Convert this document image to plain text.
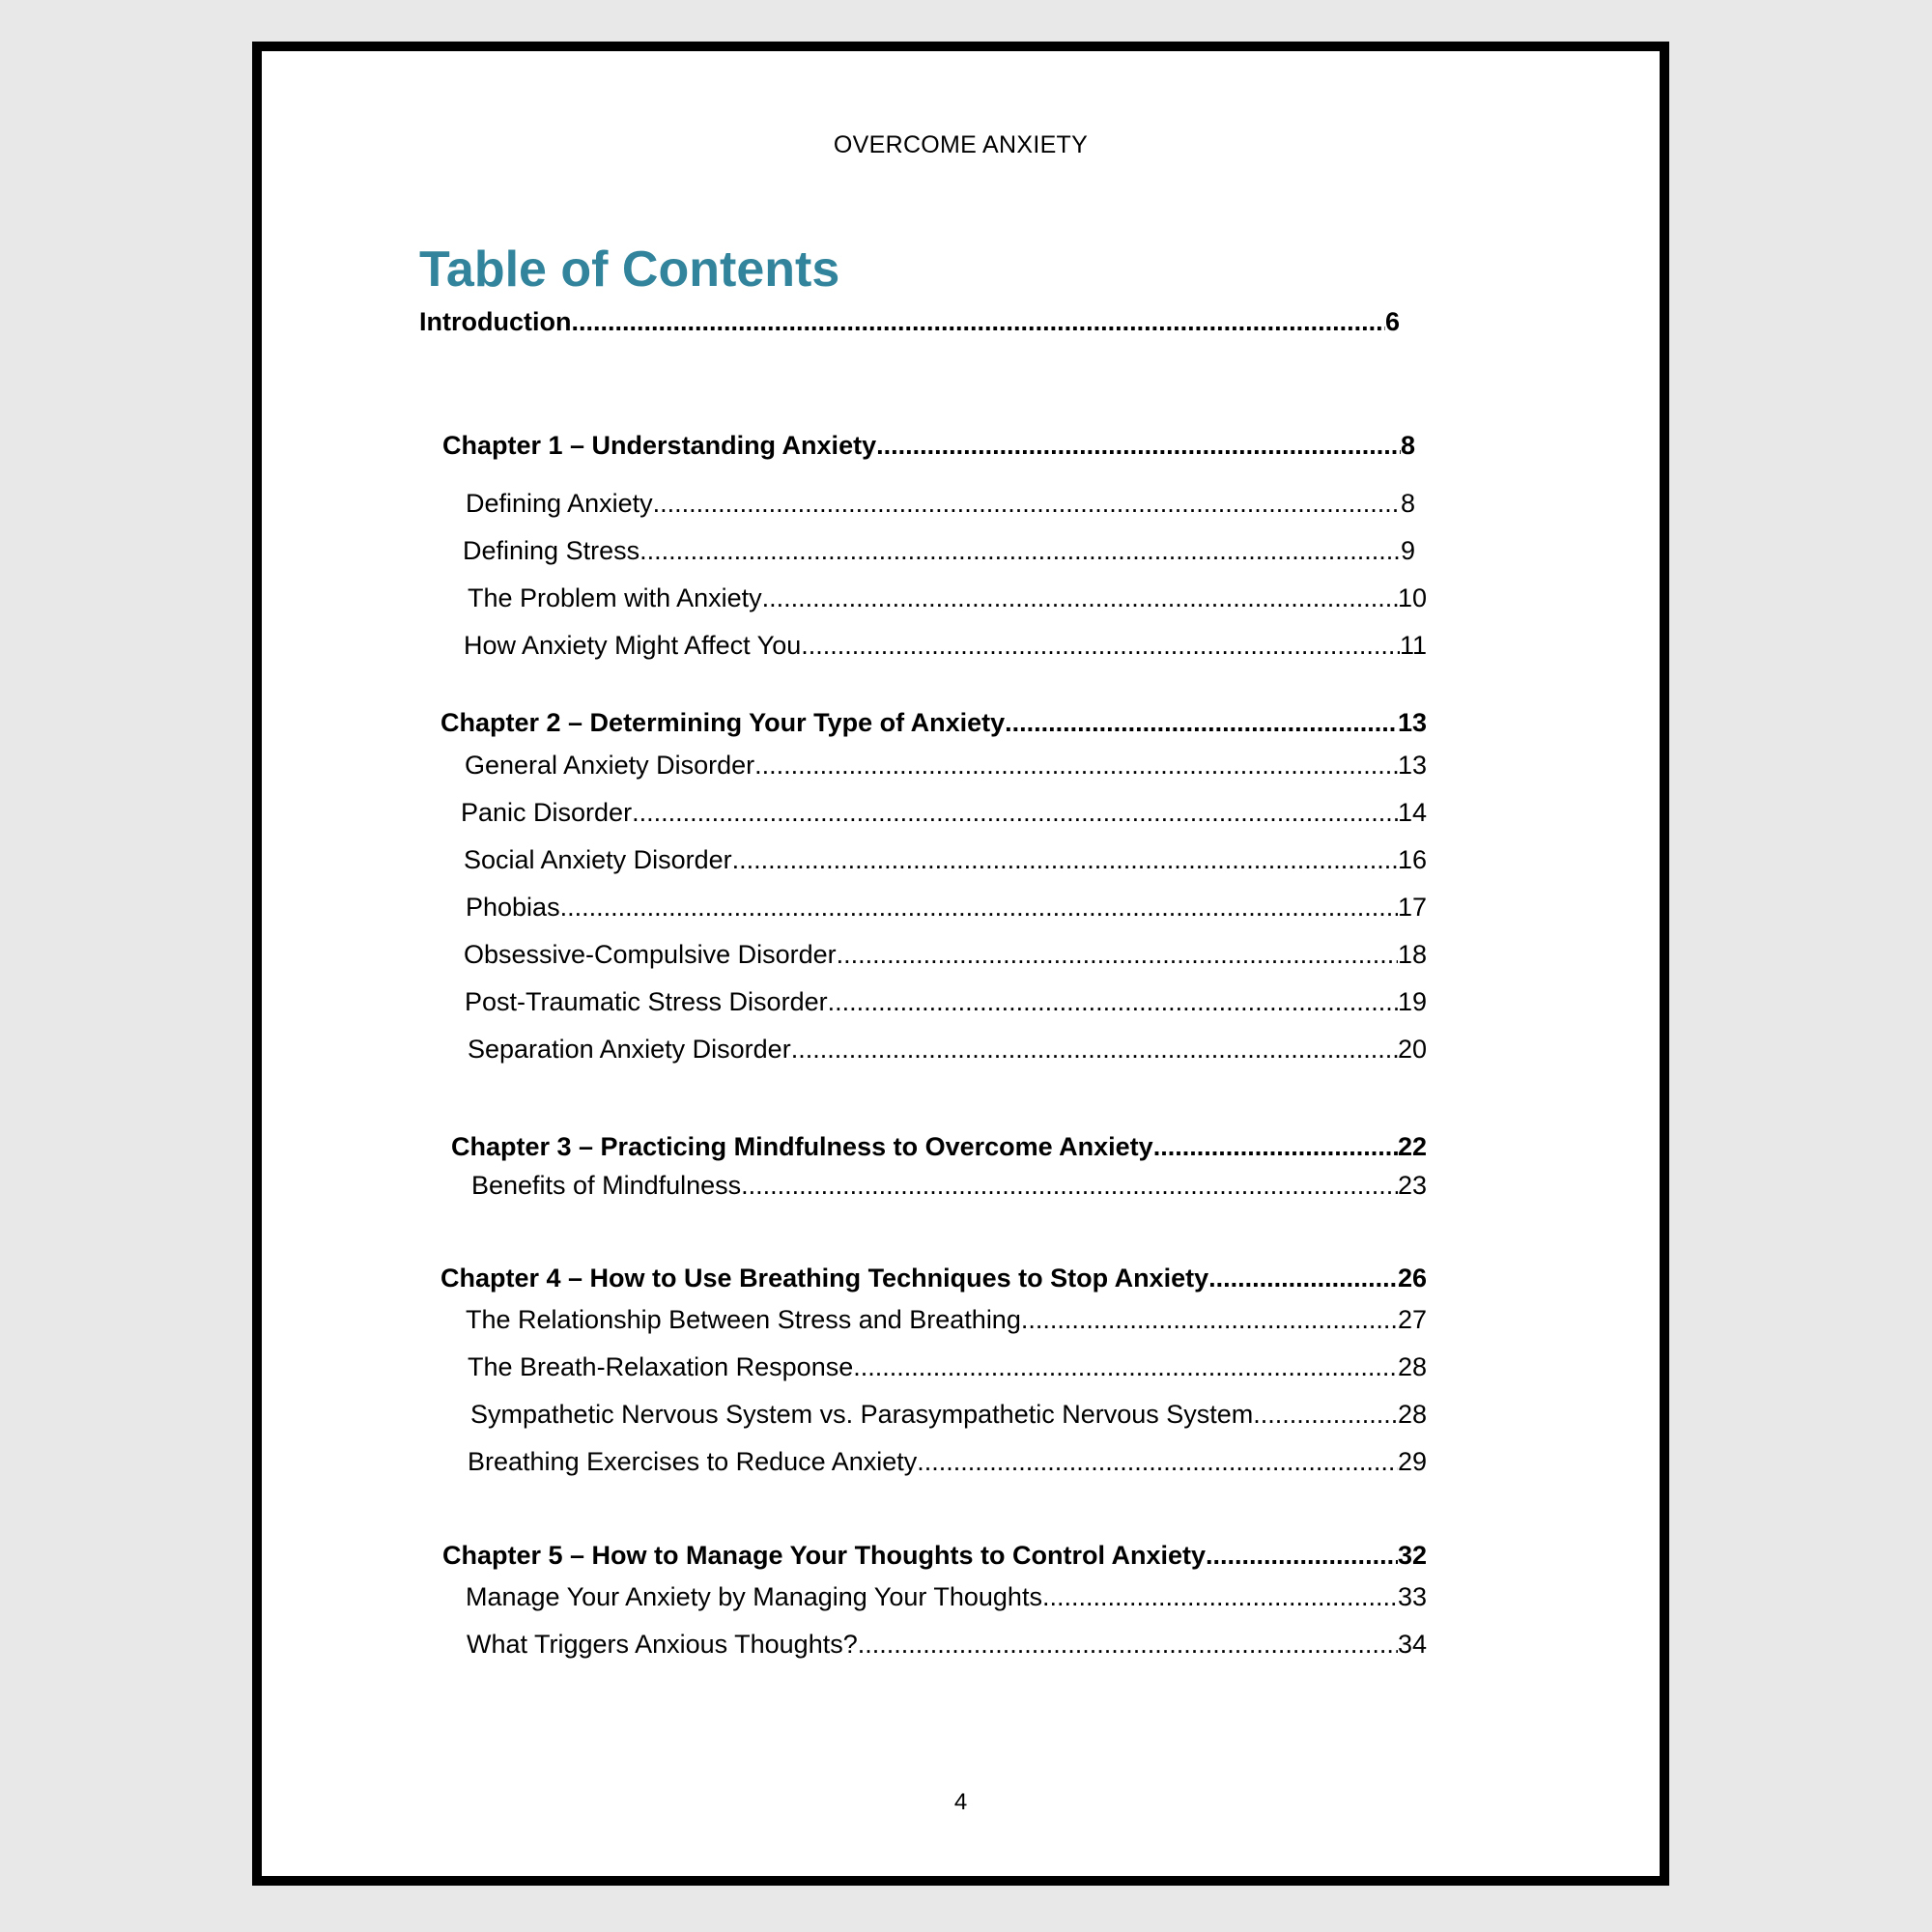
OVERCOME ANXIETY
Table of Contents
Introduction .....	6
Chapter 1 – Understanding Anxiety .....	8
Defining Anxiety .....	8
Defining Stress .....	9
The Problem with Anxiety .....	10
How Anxiety Might Affect You .....	11
Chapter 2 – Determining Your Type of Anxiety .....	13
General Anxiety Disorder .....	13
Panic Disorder .....	14
Social Anxiety Disorder .....	16
Phobias .....	17
Obsessive-Compulsive Disorder .....	18
Post-Traumatic Stress Disorder .....	19
Separation Anxiety Disorder .....	20
Chapter 3 – Practicing Mindfulness to Overcome Anxiety .....	22
Benefits of Mindfulness .....	23
Chapter 4 – How to Use Breathing Techniques to Stop Anxiety .....	26
The Relationship Between Stress and Breathing .....	27
The Breath-Relaxation Response .....	28
Sympathetic Nervous System vs. Parasympathetic Nervous System .....	28
Breathing Exercises to Reduce Anxiety .....	29
Chapter 5 – How to Manage Your Thoughts to Control Anxiety .....	32
Manage Your Anxiety by Managing Your Thoughts .....	33
What Triggers Anxious Thoughts? .....	34
4
